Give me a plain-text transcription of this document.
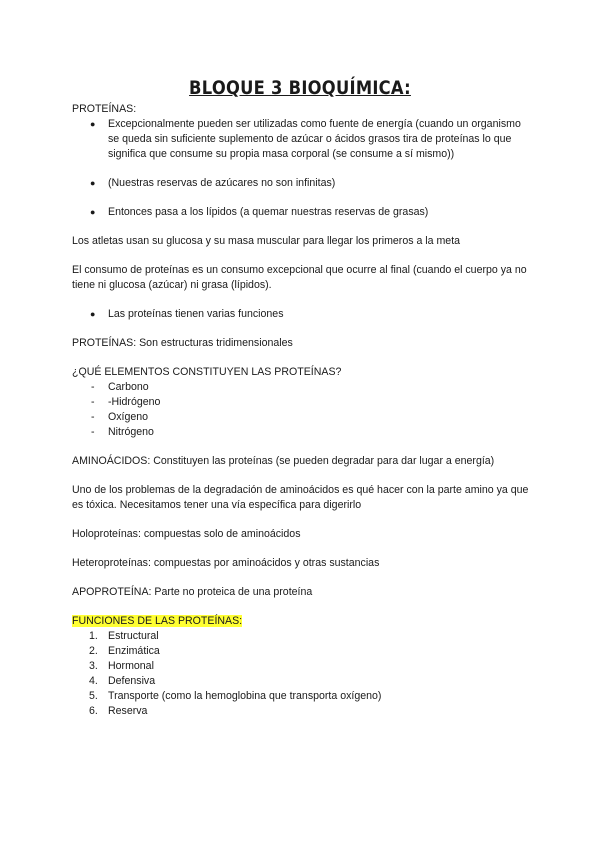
BLOQUE 3 BIOQUÍMICA:

PROTEÍNAS:

● Excepcionalmente pueden ser utilizadas como fuente de energía (cuando un organismo se queda sin suficiente suplemento de azúcar o ácidos grasos tira de proteínas lo que significa que consume su propia masa corporal (se consume a sí mismo))
● (Nuestras reservas de azúcares no son infinitas)
● Entonces pasa a los lípidos (a quemar nuestras reservas de grasas)

Los atletas usan su glucosa y su masa muscular para llegar los primeros a la meta

El consumo de proteínas es un consumo excepcional que ocurre al final (cuando el cuerpo ya no tiene ni glucosa (azúcar) ni grasa (lípidos).

● Las proteínas tienen varias funciones

PROTEÍNAS: Son estructuras tridimensionales

¿QUÉ ELEMENTOS CONSTITUYEN LAS PROTEÍNAS?

- Carbono
- -Hidrógeno
- Oxígeno
- Nitrógeno

AMINOÁCIDOS: Constituyen las proteínas (se pueden degradar para dar lugar a energía)

Uno de los problemas de la degradación de aminoácidos es qué hacer con la parte amino ya que es tóxica. Necesitamos tener una vía específica para digerirlo

Holoproteínas: compuestas solo de aminoácidos

Heteroproteínas: compuestas por aminoácidos y otras sustancias

APOPROTEÍNA: Parte no proteica de una proteína

FUNCIONES DE LAS PROTEÍNAS:

1. Estructural
2. Enzimática
3. Hormonal
4. Defensiva
5. Transporte (como la hemoglobina que transporta oxígeno)
6. Reserva
